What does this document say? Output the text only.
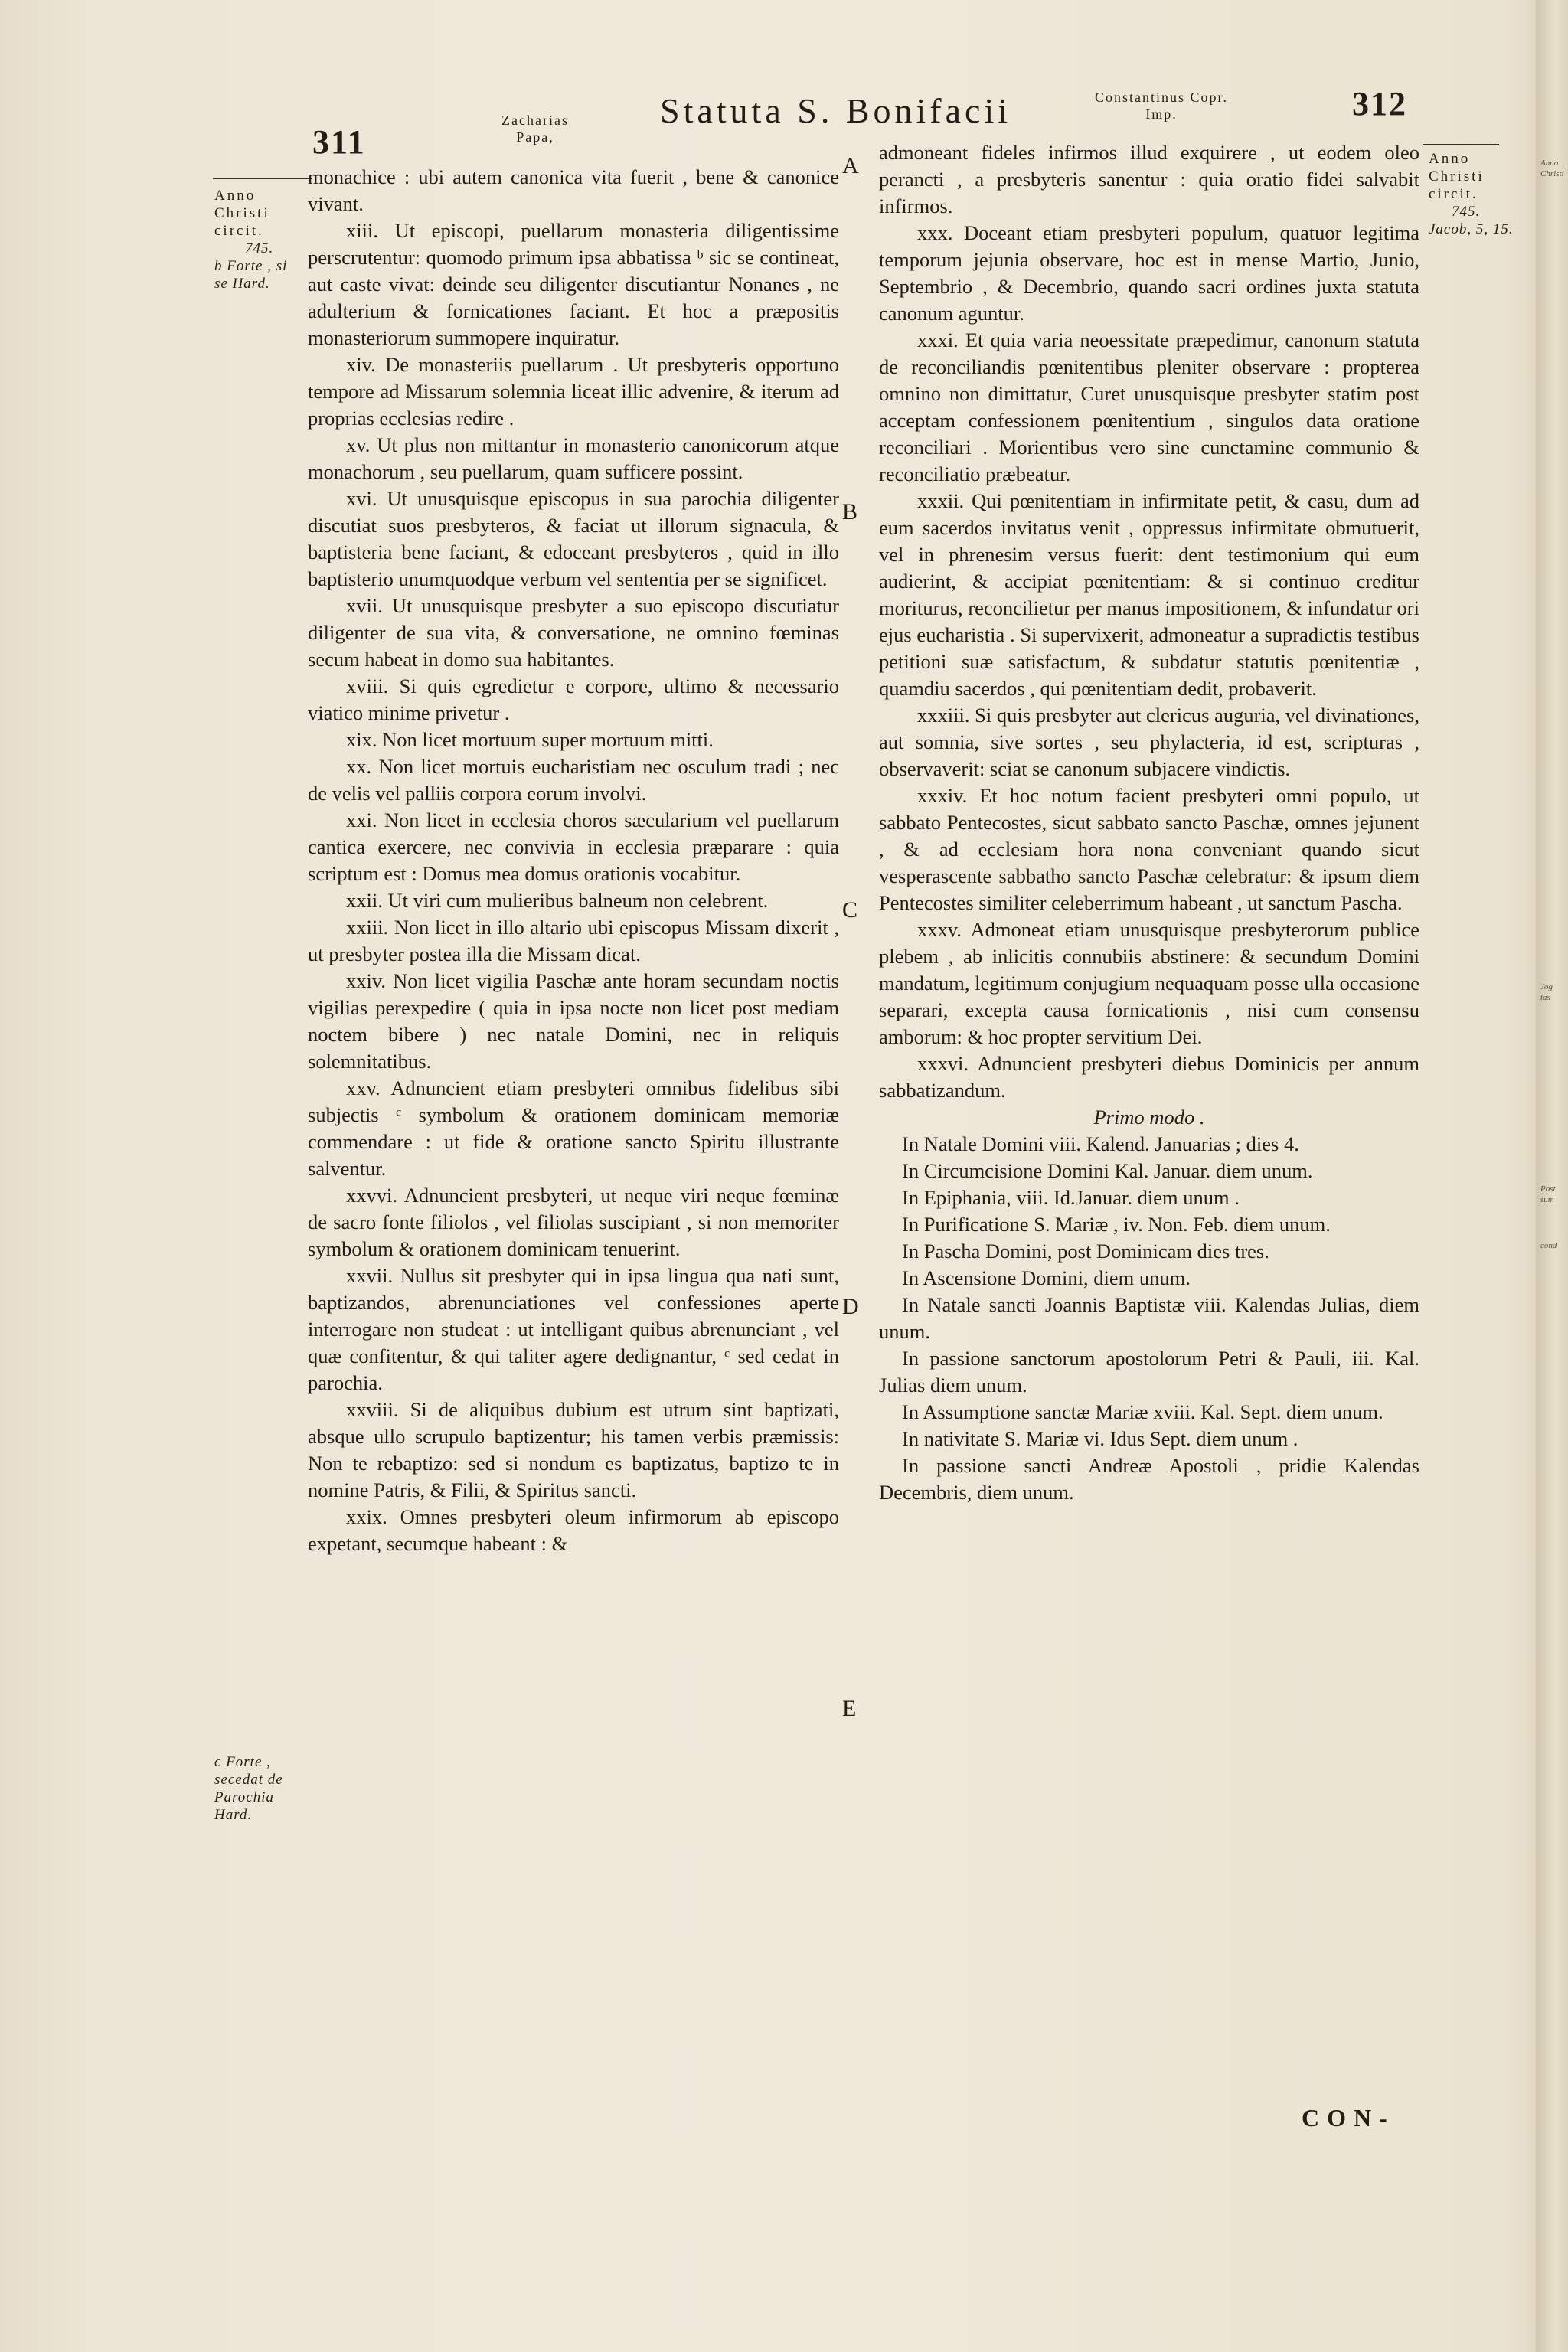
311
Zacharias
Papa,
Statuta S. Bonifacii	Constantinus Copr.
Imp.	312
Anno
Christi
circit.
745.
b Forte , si se Hard.
c Forte , secedat de Parochia Hard.
Anno
Christi
circit.
745.
Jacob, 5, 15.
A
B
C
D
E

monachice : ubi autem canonica vita fuerit , bene & canonice vivant.

xiii. Ut episcopi, puellarum monasteria diligentissime perscrutentur: quomodo primum ipsa abbatissa ᵇ sic se contineat, aut caste vivat: deinde seu diligenter discutiantur Nonanes , ne adulterium & fornicationes faciant. Et hoc a præpositis monasteriorum summopere inquiratur.

xiv. De monasteriis puellarum . Ut presbyteris opportuno tempore ad Missarum solemnia liceat illic advenire, & iterum ad proprias ecclesias redire .

xv. Ut plus non mittantur in monasterio canonicorum atque monachorum , seu puellarum, quam sufficere possint.

xvi. Ut unusquisque episcopus in sua parochia diligenter discutiat suos presbyteros, & faciat ut illorum signacula, & baptisteria bene faciant, & edoceant presbyteros , quid in illo baptisterio unumquodque verbum vel sententia per se significet.

xvii. Ut unusquisque presbyter a suo episcopo discutiatur diligenter de sua vita, & conversatione, ne omnino fœminas secum habeat in domo sua habitantes.

xviii. Si quis egredietur e corpore, ultimo & necessario viatico minime privetur .

xix. Non licet mortuum super mortuum mitti.

xx. Non licet mortuis eucharistiam nec osculum tradi ; nec de velis vel palliis corpora eorum involvi.

xxi. Non licet in ecclesia choros sæcularium vel puellarum cantica exercere, nec convivia in ecclesia præparare : quia scriptum est : Domus mea domus orationis vocabitur.

xxii. Ut viri cum mulieribus balneum non celebrent.

xxiii. Non licet in illo altario ubi episcopus Missam dixerit , ut presbyter postea illa die Missam dicat.

xxiv. Non licet vigilia Paschæ ante horam secundam noctis vigilias perexpedire ( quia in ipsa nocte non licet post mediam noctem bibere ) nec natale Domini, nec in reliquis solemnitatibus.

xxv. Adnuncient etiam presbyteri omnibus fidelibus sibi subjectis ᶜ symbolum & orationem dominicam memoriæ commendare : ut fide & oratione sancto Spiritu illustrante salventur.

xxvvi. Adnuncient presbyteri, ut neque viri neque fœminæ de sacro fonte filiolos , vel filiolas suscipiant , si non memoriter symbolum & orationem dominicam tenuerint.

xxvii. Nullus sit presbyter qui in ipsa lingua qua nati sunt, baptizandos, abrenunciationes vel confessiones aperte interrogare non studeat : ut intelligant quibus abrenunciant , vel quæ confitentur, & qui taliter agere dedignantur, ᶜ sed cedat in parochia.

xxviii. Si de aliquibus dubium est utrum sint baptizati, absque ullo scrupulo baptizentur; his tamen verbis præmissis: Non te rebaptizo: sed si nondum es baptizatus, baptizo te in nomine Patris, & Filii, & Spiritus sancti.

xxix. Omnes presbyteri oleum infirmorum ab episcopo expetant, secumque habeant : &

admoneant fideles infirmos illud exquirere , ut eodem oleo perancti , a presbyteris sanentur : quia oratio fidei salvabit infirmos.

xxx. Doceant etiam presbyteri populum, quatuor legitima temporum jejunia observare, hoc est in mense Martio, Junio, Septembrio , & Decembrio, quando sacri ordines juxta statuta canonum aguntur.

xxxi. Et quia varia neoessitate præpedimur, canonum statuta de reconciliandis pœnitentibus pleniter observare : propterea omnino non dimittatur, Curet unusquisque presbyter statim post acceptam confessionem pœnitentium , singulos data oratione reconciliari . Morientibus vero sine cunctamine communio & reconciliatio præbeatur.

xxxii. Qui pœnitentiam in infirmitate petit, & casu, dum ad eum sacerdos invitatus venit , oppressus infirmitate obmutuerit, vel in phrenesim versus fuerit: dent testimonium qui eum audierint, & accipiat pœnitentiam: & si continuo creditur moriturus, reconcilietur per manus impositionem, & infundatur ori ejus eucharistia . Si supervixerit, admoneatur a supradictis testibus petitioni suæ satisfactum, & subdatur statutis pœnitentiæ , quamdiu sacerdos , qui pœnitentiam dedit, probaverit.

xxxiii. Si quis presbyter aut clericus auguria, vel divinationes, aut somnia, sive sortes , seu phylacteria, id est, scripturas , observaverit: sciat se canonum subjacere vindictis.

xxxiv. Et hoc notum facient presbyteri omni populo, ut sabbato Pentecostes, sicut sabbato sancto Paschæ, omnes jejunent , & ad ecclesiam hora nona conveniant quando sicut vesperascente sabbatho sancto Paschæ celebratur: & ipsum diem Pentecostes similiter celeberrimum habeant , ut sanctum Pascha.

xxxv. Admoneat etiam unusquisque presbyterorum publice plebem , ab inlicitis connubiis abstinere: & secundum Domini mandatum, legitimum conjugium nequaquam posse ulla occasione separari, excepta causa fornicationis , nisi cum consensu amborum: & hoc propter servitium Dei.

xxxvi. Adnuncient presbyteri diebus Dominicis per annum sabbatizandum.

Primo modo .

In Natale Domini viii. Kalend. Januarias ; dies 4.

In Circumcisione Domini Kal. Januar. diem unum.

In Epiphania, viii. Id.Januar. diem unum .

In Purificatione S. Mariæ , iv. Non. Feb. diem unum.

In Pascha Domini, post Dominicam dies tres.

In Ascensione Domini, diem unum.

In Natale sancti Joannis Baptistæ viii. Kalendas Julias, diem unum.

In passione sanctorum apostolorum Petri & Pauli, iii. Kal. Julias diem unum.

In Assumptione sanctæ Mariæ xviii. Kal. Sept. diem unum.

In nativitate S. Mariæ vi. Idus Sept. diem unum .

In passione sancti Andreæ Apostoli , pridie Kalendas Decembris, diem unum.

CON-
Anno Christi
Jog tas
Post sum
cond
